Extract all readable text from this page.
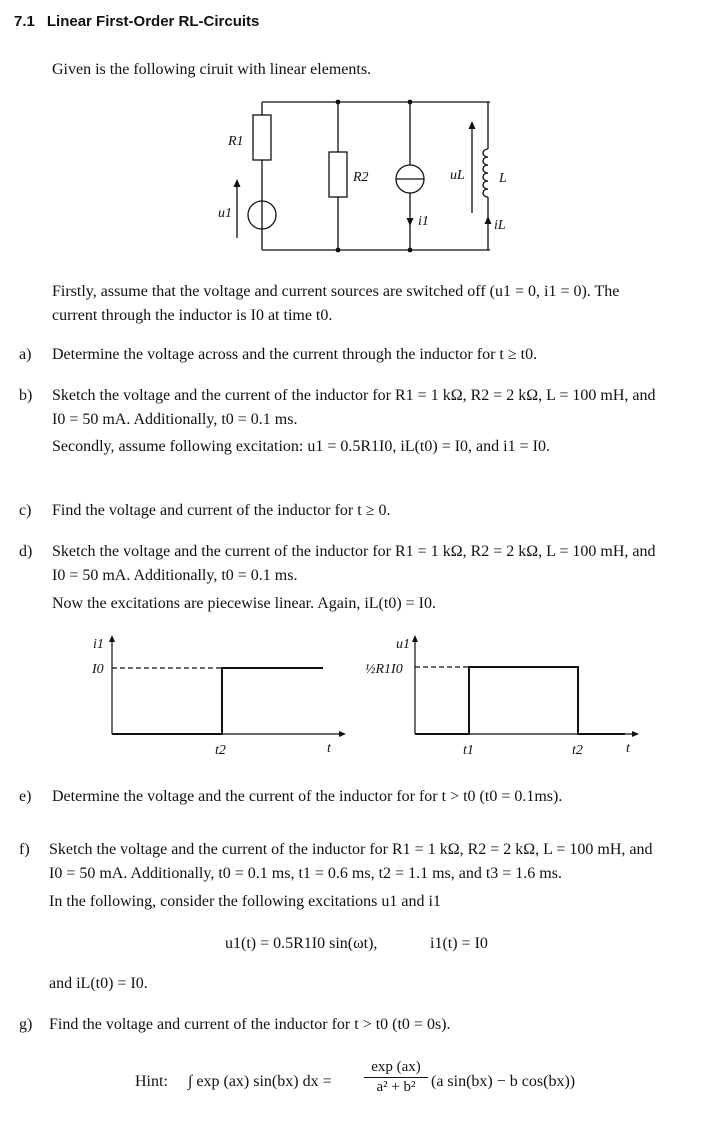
7.1 Linear First-Order RL-Circuits
Given is the following ciruit with linear elements.
R1
R2
u1
i1
uL L
iL
Firstly, assume that the voltage and current sources are switched off (u1 = 0, i1 = 0). The
current through the inductor is I0 at time t0.
a) Determine the voltage across and the current through the inductor for t ≥ t0.
b) Sketch the voltage and the current of the inductor for R1 = 1 kΩ, R2 = 2 kΩ, L = 100 mH, and
I0 = 50 mA. Additionally, t0 = 0.1 ms.
Secondly, assume following excitation: u1 = 0.5R1I0, iL(t0) = I0, and i1 = I0.
c) Find the voltage and current of the inductor for t ≥ 0.
d) Sketch the voltage and the current of the inductor for R1 = 1 kΩ, R2 = 2 kΩ, L = 100 mH, and
I0 = 50 mA. Additionally, t0 = 0.1 ms.
Now the excitations are piecewise linear. Again, iL(t0) = I0.
i1
I0
t2	t
u1
½R1I0
t1	t2	t
e) Determine the voltage and the current of the inductor for for t > t0 (t0 = 0.1ms).
f) Sketch the voltage and the current of the inductor for R1 = 1 kΩ, R2 = 2 kΩ, L = 100 mH, and
I0 = 50 mA. Additionally, t0 = 0.1 ms, t1 = 0.6 ms, t2 = 1.1 ms, and t3 = 1.6 ms.
In the following, consider the following excitations u1 and i1
u1(t) = 0.5R1I0 sin(ωt),	i1(t) = I0
and iL(t0) = I0.
g) Find the voltage and current of the inductor for t > t0 (t0 = 0s).
Hint: ∫ exp (ax) sin(bx) dx = $\frac{\exp (ax)}{\text{a² + b²}} (a$ sin(bx) − b cos(bx))
